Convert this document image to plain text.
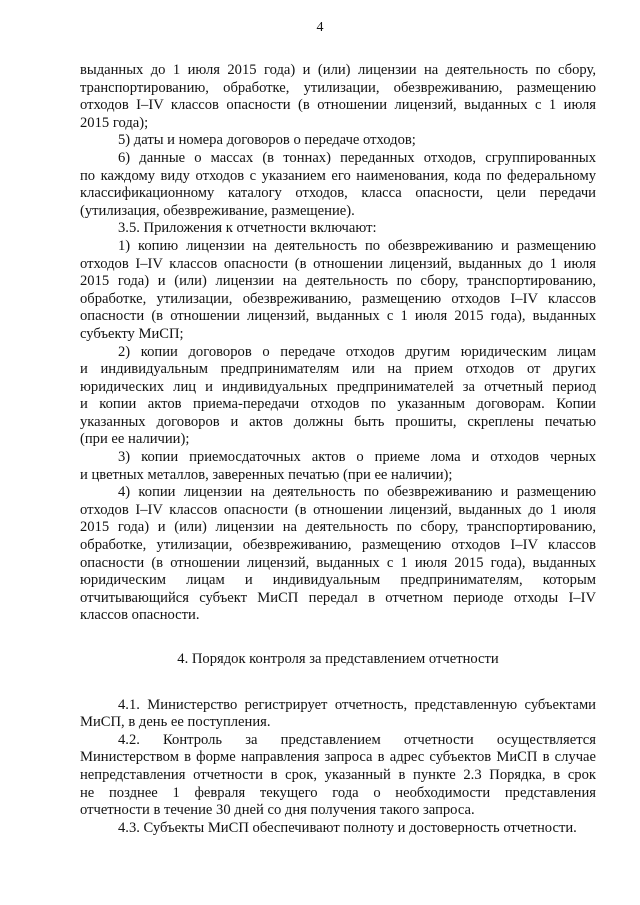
4
выданных до 1 июля 2015 года) и (или) лицензии на деятельность по сбору,
транспортированию, обработке, утилизации, обезвреживанию, размещению
отходов I–IV классов опасности (в отношении лицензий, выданных с 1 июля
2015 года);
5) даты и номера договоров о передаче отходов;
6) данные о массах (в тоннах) переданных отходов, сгруппированных
по каждому виду отходов с указанием его наименования, кода по федеральному
классификационному каталогу отходов, класса опасности, цели передачи
(утилизация, обезвреживание, размещение).
3.5. Приложения к отчетности включают:
1) копию лицензии на деятельность по обезвреживанию и размещению
отходов I–IV классов опасности (в отношении лицензий, выданных до 1 июля
2015 года) и (или) лицензии на деятельность по сбору, транспортированию,
обработке, утилизации, обезвреживанию, размещению отходов I–IV классов
опасности (в отношении лицензий, выданных с 1 июля 2015 года), выданных
субъекту МиСП;
2) копии договоров о передаче отходов другим юридическим лицам
и индивидуальным предпринимателям или на прием отходов от других
юридических лиц и индивидуальных предпринимателей за отчетный период
и копии актов приема-передачи отходов по указанным договорам. Копии
указанных договоров и актов должны быть прошиты, скреплены печатью
(при ее наличии);
3) копии приемосдаточных актов о приеме лома и отходов черных
и цветных металлов, заверенных печатью (при ее наличии);
4) копии лицензии на деятельность по обезвреживанию и размещению
отходов I–IV классов опасности (в отношении лицензий, выданных до 1 июля
2015 года) и (или) лицензии на деятельность по сбору, транспортированию,
обработке, утилизации, обезвреживанию, размещению отходов I–IV классов
опасности (в отношении лицензий, выданных с 1 июля 2015 года), выданных
юридическим лицам и индивидуальным предпринимателям, которым
отчитывающийся субъект МиСП передал в отчетном периоде отходы I–IV
классов опасности.
4. Порядок контроля за представлением отчетности
4.1. Министерство регистрирует отчетность, представленную субъектами
МиСП, в день ее поступления.
4.2. Контроль за представлением отчетности осуществляется
Министерством в форме направления запроса в адрес субъектов МиСП в случае
непредставления отчетности в срок, указанный в пункте 2.3 Порядка, в срок
не позднее 1 февраля текущего года о необходимости представления
отчетности в течение 30 дней со дня получения такого запроса.
4.3. Субъекты МиСП обеспечивают полноту и достоверность отчетности.
